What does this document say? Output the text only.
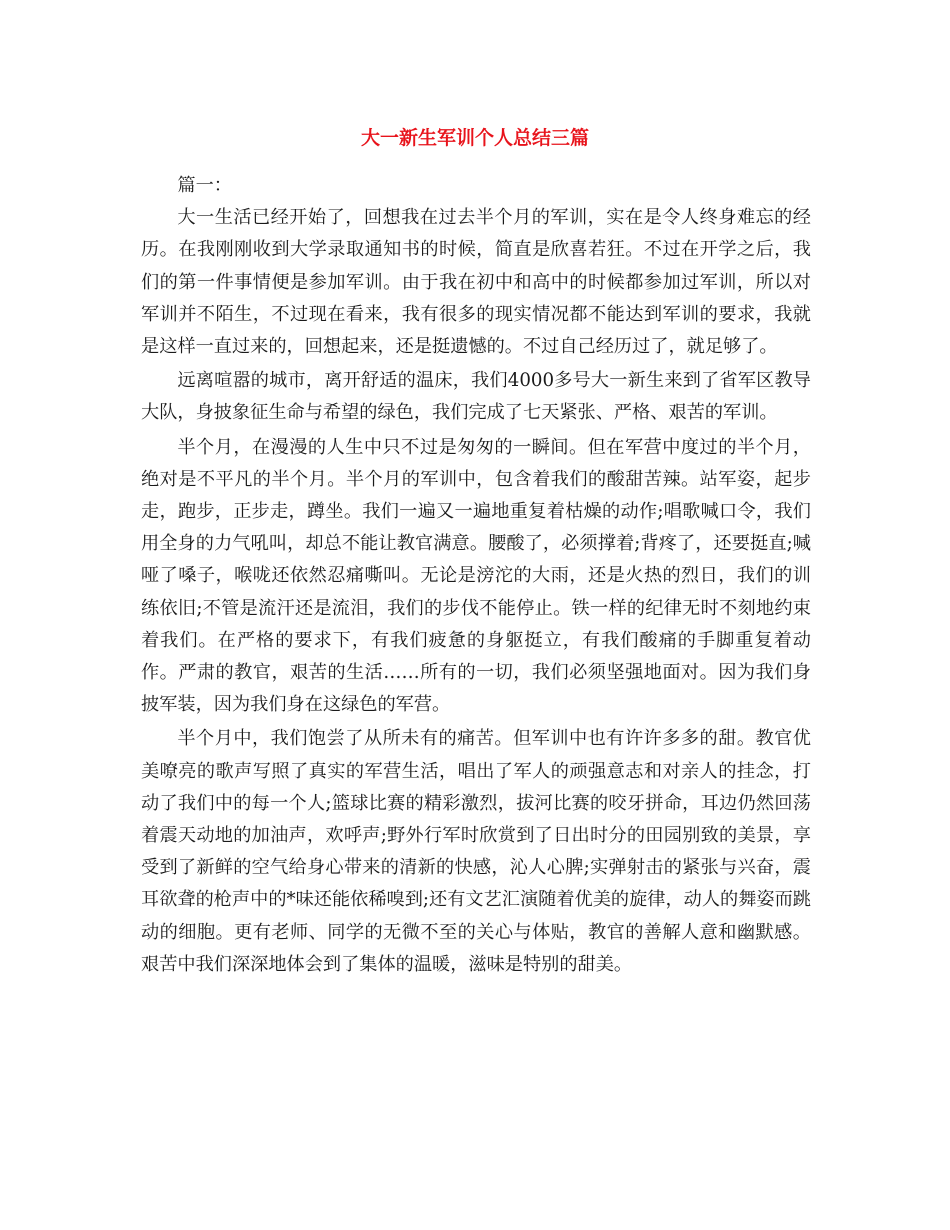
大一新生军训个人总结三篇

篇一：

大一生活已经开始了，回想我在过去半个月的军训，实在是令人终身难忘的经历。在我刚刚收到大学录取通知书的时候，简直是欣喜若狂。不过在开学之后，我们的第一件事情便是参加军训。由于我在初中和高中的时候都参加过军训，所以对军训并不陌生，不过现在看来，我有很多的现实情况都不能达到军训的要求，我就是这样一直过来的，回想起来，还是挺遗憾的。不过自己经历过了，就足够了。

远离喧嚣的城市，离开舒适的温床，我们4000多号大一新生来到了省军区教导大队，身披象征生命与希望的绿色，我们完成了七天紧张、严格、艰苦的军训。

半个月，在漫漫的人生中只不过是匆匆的一瞬间。但在军营中度过的半个月，绝对是不平凡的半个月。半个月的军训中，包含着我们的酸甜苦辣。站军姿，起步走，跑步，正步走，蹲坐。我们一遍又一遍地重复着枯燥的动作;唱歌喊口令，我们用全身的力气吼叫，却总不能让教官满意。腰酸了，必须撑着;背疼了，还要挺直;喊哑了嗓子，喉咙还依然忍痛嘶叫。无论是滂沱的大雨，还是火热的烈日，我们的训练依旧;不管是流汗还是流泪，我们的步伐不能停止。铁一样的纪律无时不刻地约束着我们。在严格的要求下，有我们疲惫的身躯挺立，有我们酸痛的手脚重复着动作。严肃的教官，艰苦的生活……所有的一切，我们必须坚强地面对。因为我们身披军装，因为我们身在这绿色的军营。

半个月中，我们饱尝了从所未有的痛苦。但军训中也有许许多多的甜。教官优美嘹亮的歌声写照了真实的军营生活，唱出了军人的顽强意志和对亲人的挂念，打动了我们中的每一个人;篮球比赛的精彩激烈，拔河比赛的咬牙拼命，耳边仍然回荡着震天动地的加油声，欢呼声;野外行军时欣赏到了日出时分的田园别致的美景，享受到了新鲜的空气给身心带来的清新的快感，沁人心脾;实弹射击的紧张与兴奋，震耳欲聋的枪声中的*味还能依稀嗅到;还有文艺汇演随着优美的旋律，动人的舞姿而跳动的细胞。更有老师、同学的无微不至的关心与体贴，教官的善解人意和幽默感。艰苦中我们深深地体会到了集体的温暖，滋味是特别的甜美。
